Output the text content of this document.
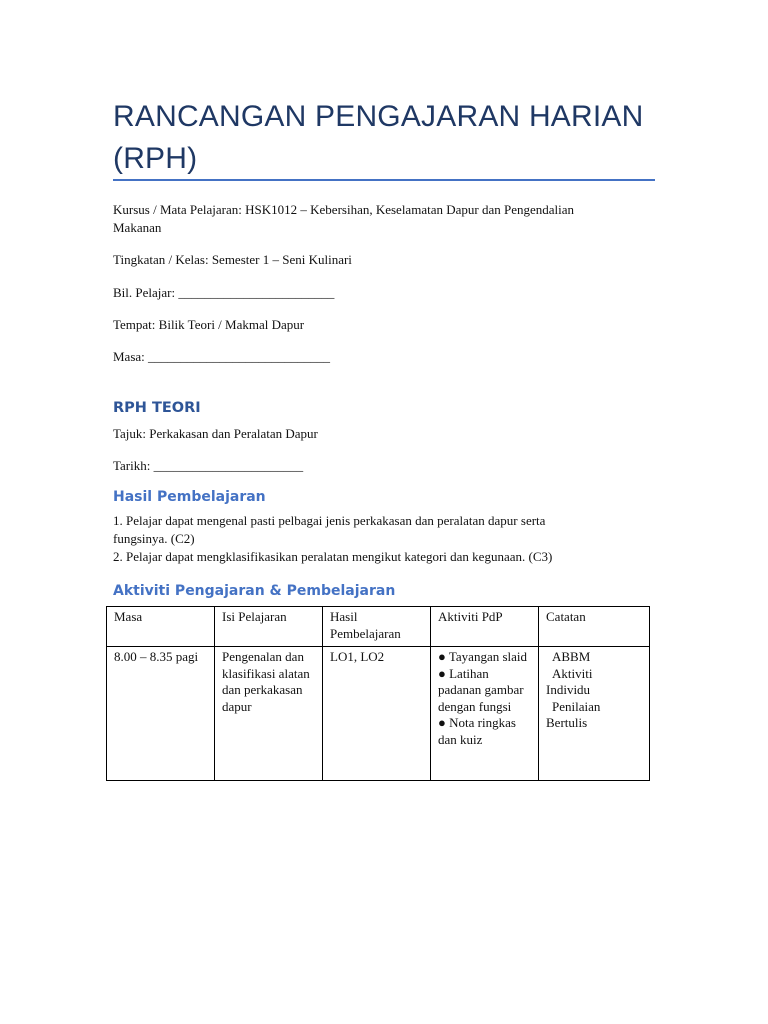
RANCANGAN PENGAJARAN HARIAN
(RPH)
Kursus / Mata Pelajaran: HSK1012 – Kebersihan, Keselamatan Dapur dan Pengendalian
Makanan
Tingkatan / Kelas: Semester 1 – Seni Kulinari
Bil. Pelajar: ________________________
Tempat: Bilik Teori / Makmal Dapur
Masa: ____________________________
RPH TEORI
Tajuk: Perkakasan dan Peralatan Dapur
Tarikh: _______________________
Hasil Pembelajaran
1. Pelajar dapat mengenal pasti pelbagai jenis perkakasan dan peralatan dapur serta
fungsinya. (C2)
2. Pelajar dapat mengklasifikasikan peralatan mengikut kategori dan kegunaan. (C3)
Aktiviti Pengajaran & Pembelajaran
Masa	Isi Pelajaran	Hasil Pembelajaran	Aktiviti PdP	Catatan
8.00 – 8.35 pagi	Pengenalan dan klasifikasi alatan dan perkakasan dapur	LO1, LO2	● Tayangan slaid
● Latihan padanan gambar dengan fungsi
● Nota ringkas dan kuiz	ABBM
Aktiviti
Individu
Penilaian
Bertulis
